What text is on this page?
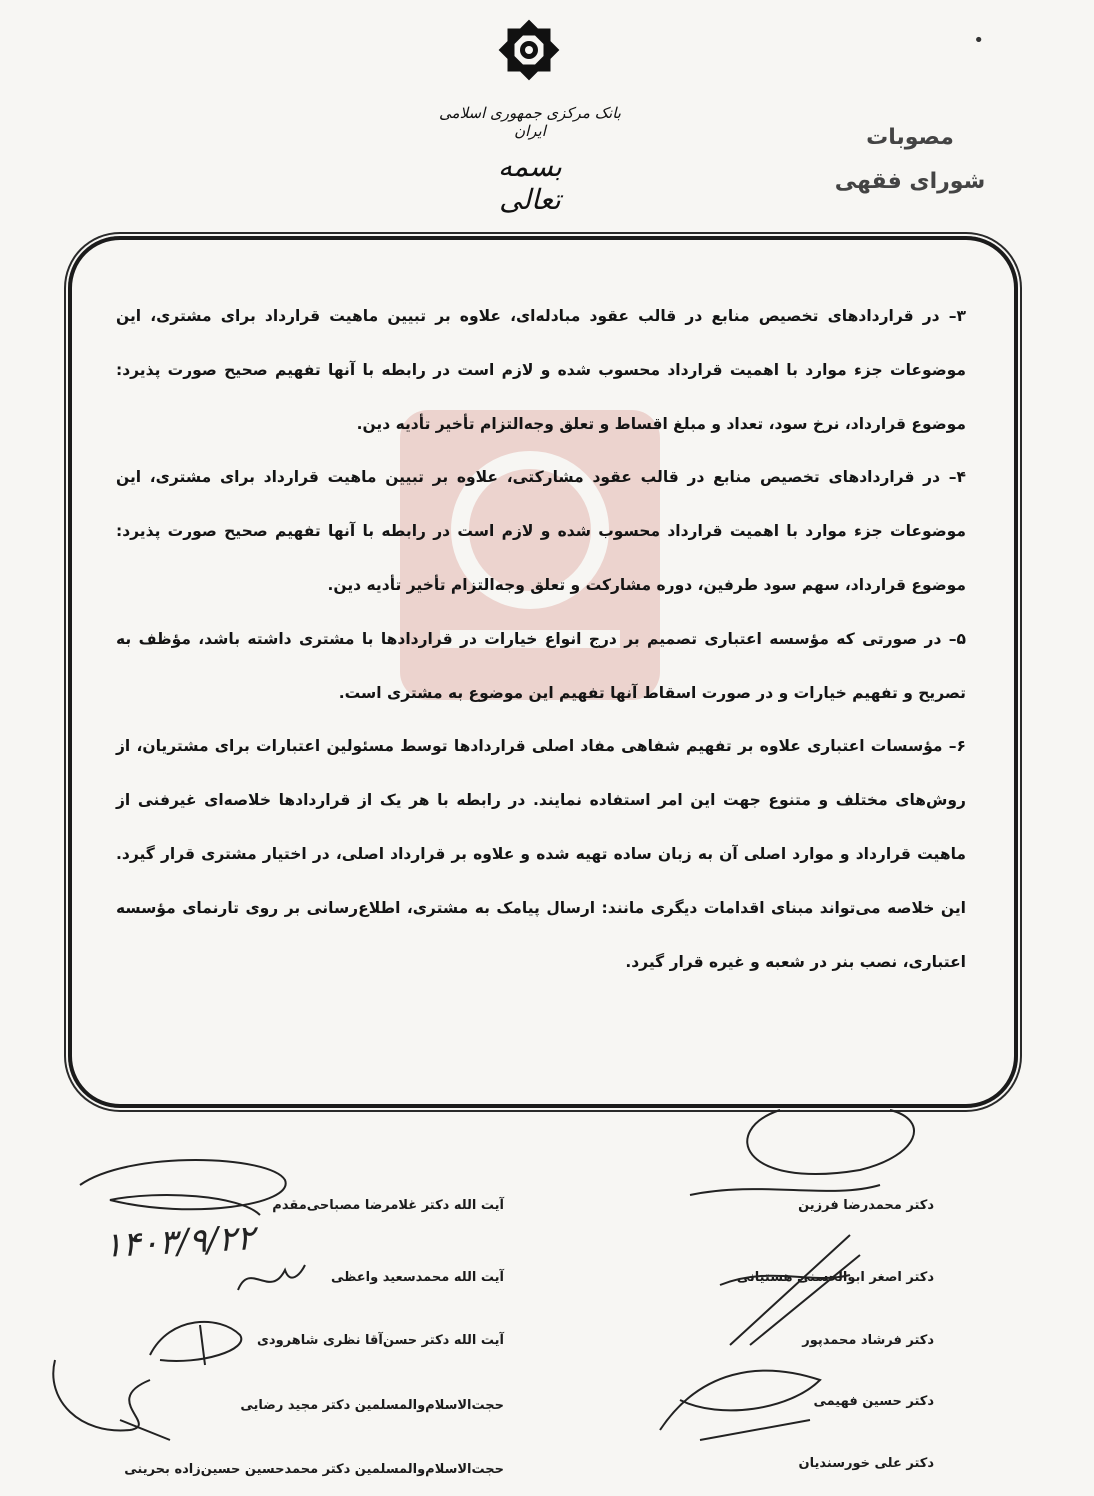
بانک مرکزی جمهوری اسلامی ایران
بسمه تعالی
مصوبات
شورای فقهی
•

۳– در قراردادهای تخصیص منابع در قالب عقود مبادله‌ای، علاوه بر تبیین ماهیت قرارداد برای مشتری، این موضوعات جزء موارد با اهمیت قرارداد محسوب شده و لازم است در رابطه با آنها تفهیم صحیح صورت پذیرد: موضوع قرارداد، نرخ سود، تعداد و مبلغ اقساط و تعلق وجه‌التزام تأخیر تأدیه دین.

۴– در قراردادهای تخصیص منابع در قالب عقود مشارکتی، علاوه بر تبیین ماهیت قرارداد برای مشتری، این موضوعات جزء موارد با اهمیت قرارداد محسوب شده و لازم است در رابطه با آنها تفهیم صحیح صورت پذیرد: موضوع قرارداد، سهم سود طرفین، دوره مشارکت و تعلق وجه‌التزام تأخیر تأدیه دین.

۵– در صورتی که مؤسسه اعتباری تصمیم بر درج انواع خیارات در قراردادها با مشتری داشته باشد، مؤظف به تصریح و تفهیم خیارات و در صورت اسقاط آنها تفهیم این موضوع به مشتری است.

۶– مؤسسات اعتباری علاوه بر تفهیم شفاهی مفاد اصلی قراردادها توسط مسئولین اعتبارات برای مشتریان، از روش‌های مختلف و متنوع جهت این امر استفاده نمایند. در رابطه با هر یک از قراردادها خلاصه‌ای غیرفنی از ماهیت قرارداد و موارد اصلی آن به زبان ساده تهیه شده و علاوه بر قرارداد اصلی، در اختیار مشتری قرار گیرد. این خلاصه می‌تواند مبنای اقدامات دیگری مانند: ارسال پیامک به مشتری، اطلاع‌رسانی بر روی تارنمای مؤسسه اعتباری، نصب بنر در شعبه و غیره قرار گیرد.

آیت الله دکتر غلامرضا مصباحی‌مقدم
آیت الله محمدسعید واعظی
آیت الله دکتر حسن‌آقا نظری شاهرودی
حجت‌الاسلام‌والمسلمین دکتر مجید رضایی
حجت‌الاسلام‌والمسلمین دکتر محمدحسین حسین‌زاده بحرینی
دکتر محمدرضا فرزین
دکتر اصغر ابوالحسنی هستیانی
دکتر فرشاد محمدپور
دکتر حسین فهیمی
دکتر علی خورسندیان
۱۴۰۳/۹/۲۲
